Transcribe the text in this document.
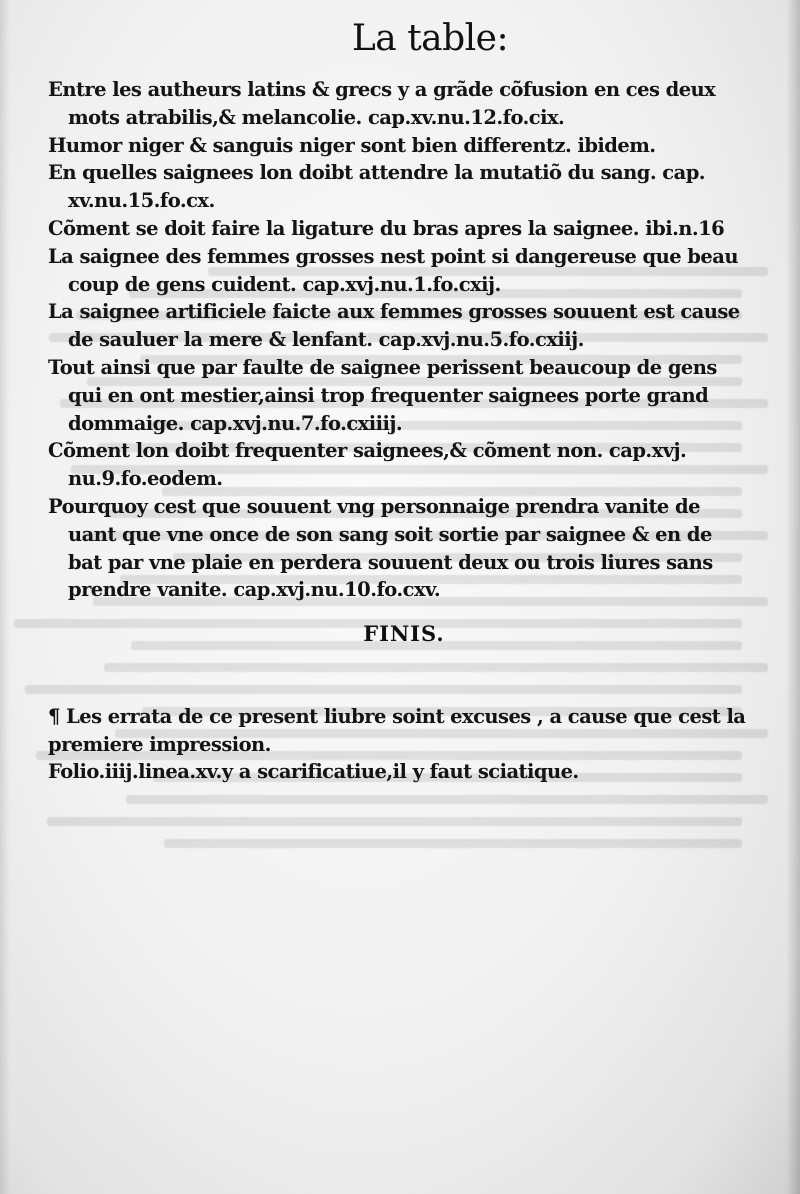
La table:
Entre les autheurs latins & grecs y a grãde cõfusion en ces deux
mots atrabilis,& melancolie. cap.xv.nu.12.fo.cix.
Humor niger & sanguis niger sont bien differentz. ibidem.
En quelles saignees lon doibt attendre la mutatiõ du sang. cap.
xv.nu.15.fo.cx.
Cõment se doit faire la ligature du bras apres la saignee. ibi.n.16
La saignee des femmes grosses nest point si dangereuse que beau
coup de gens cuident. cap.xvj.nu.1.fo.cxij.
La saignee artificiele faicte aux femmes grosses souuent est cause
de sauluer la mere & lenfant. cap.xvj.nu.5.fo.cxiij.
Tout ainsi que par faulte de saignee perissent beaucoup de gens
qui en ont mestier,ainsi trop frequenter saignees porte grand
dommaige. cap.xvj.nu.7.fo.cxiiij.
Cõment lon doibt frequenter saignees,& cõment non. cap.xvj.
nu.9.fo.eodem.
Pourquoy cest que souuent vng personnaige prendra vanite de
uant que vne once de son sang soit sortie par saignee & en de
bat par vne plaie en perdera souuent deux ou trois liures sans
prendre vanite. cap.xvj.nu.10.fo.cxv.
FINIS.
¶ Les errata de ce present liubre soint excuses , a cause que cest la
premiere impression.
Folio.iiij.linea.xv.y a scarificatiue,il y faut sciatique.
